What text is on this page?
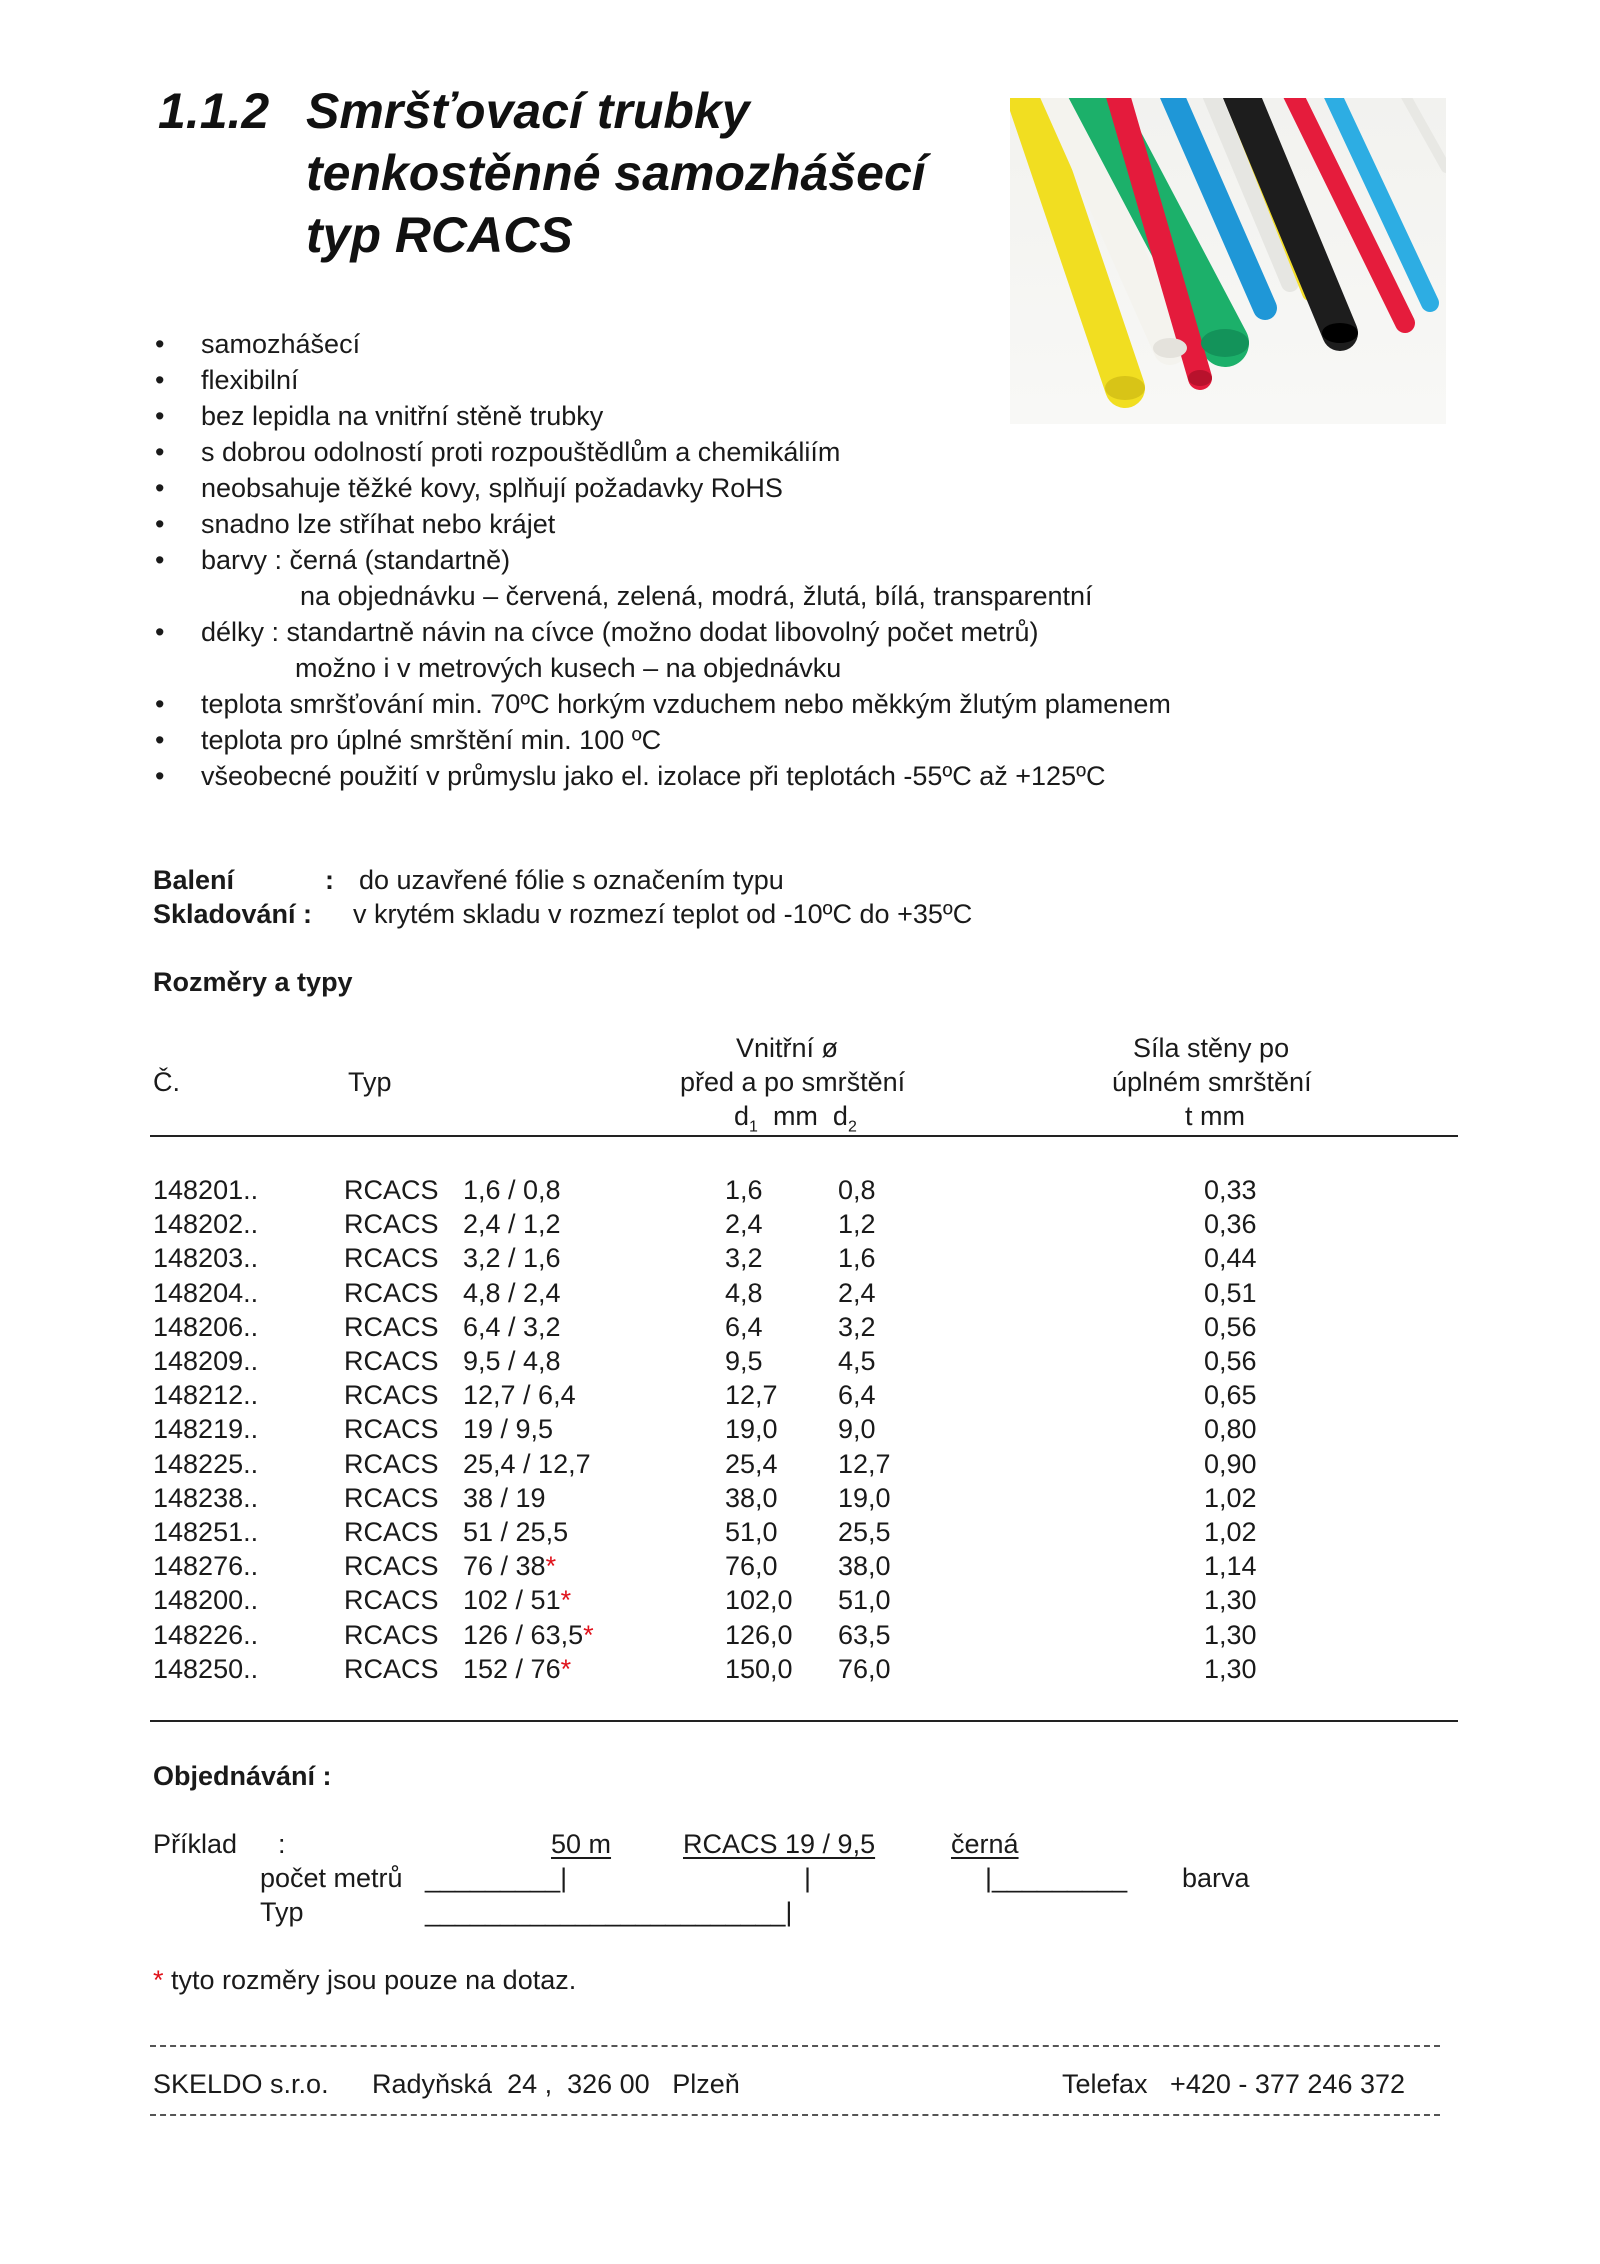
1.1.2 Smršťovací trubky
tenkostěnné samozhášecí
typ RCACS
• samozhášecí
• flexibilní
• bez lepidla na vnitřní stěně trubky
• s dobrou odolností proti rozpouštědlům a chemikáliím
• neobsahuje těžké kovy, splňují požadavky RoHS
• snadno lze stříhat nebo krájet
• barvy : černá (standartně)
na objednávku – červená, zelená, modrá, žlutá, bílá, transparentní
• délky : standartně návin na cívce (možno dodat libovolný počet metrů)
možno i v metrových kusech – na objednávku
• teplota smršťování min. 70ºC horkým vzduchem nebo měkkým žlutým plamenem
• teplota pro úplné smrštění min. 100 ºC
• všeobecné použití v průmyslu jako el. izolace při teplotách -55ºC až +125ºC
Balení	: do uzavřené fólie s označením typu
Skladování : v krytém skladu v rozmezí teplot od -10ºC do +35ºC
Rozměry a typy
Vnitřní ø	Síla stěny po
Č.	Typ	před a po smrštění	úplném smrštění
$d_1$  mm  $d_2$	t mm
148201..	RCACS 1,6 / 0,8	1,6	0,8	0,33
148202..	RCACS 2,4 / 1,2	2,4	1,2	0,36
148203..	RCACS 3,2 / 1,6	3,2	1,6	0,44
148204..	RCACS 4,8 / 2,4	4,8	2,4	0,51
148206..	RCACS 6,4 / 3,2	6,4	3,2	0,56
148209..	RCACS 9,5 / 4,8	9,5	4,5	0,56
148212..	RCACS 12,7 / 6,4	12,7 6,4	0,65
148219..	RCACS 19 / 9,5	19,0 9,0	0,80
148225..	RCACS 25,4 / 12,7	25,4 12,7	0,90
148238..	RCACS 38 / 19	38,0 19,0	1,02
148251..	RCACS 51 / 25,5	51,0 25,5	1,02
148276..	RCACS 76 / 38*	76,0 38,0	1,14
148200..	RCACS 102 / 51*	102,0 51,0	1,30
148226..	RCACS 126 / 63,5*	126,0 63,5	1,30
148250..	RCACS 152 / 76*	150,0 76,0	1,30
Objednávání :
Příklad :	50 m	RCACS 19 / 9,5	černá
počet metrů _________|	|	|_________ barva
Typ	________________________|
* tyto rozměry jsou pouze na dotaz.
SKELDO s.r.o. Radyňská  24 ,  326 00   Plzeň	Telefax   +420 - 377 246 372
